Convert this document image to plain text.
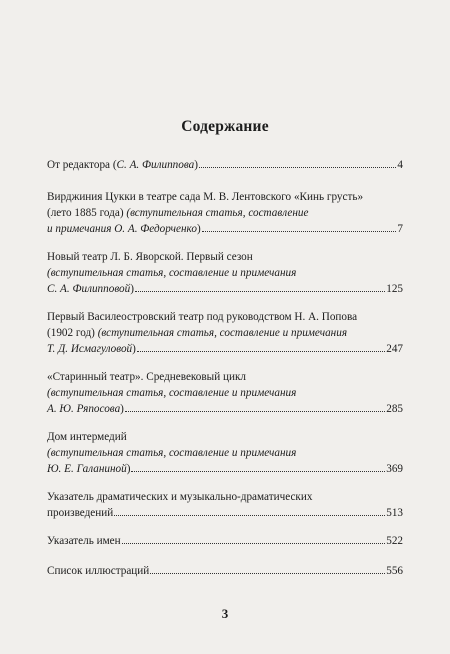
Содержание
От редактора (С. А. Филиппова)	4
Вирджиния Цукки в театре сада М. В. Лентовского «Кинь грусть»
(лето 1885 года) (вступительная статья, составление
и примечания О. А. Федорченко)	7
Новый театр Л. Б. Яворской. Первый сезон
(вступительная статья, составление и примечания
С. А. Филипповой)	125
Первый Василеостровский театр под руководством Н. А. Попова
(1902 год) (вступительная статья, составление и примечания
Т. Д. Исмагуловой)	247
«Старинный театр». Средневековый цикл
(вступительная статья, составление и примечания
А. Ю. Ряпосова)	285
Дом интермедий
(вступительная статья, составление и примечания
Ю. Е. Галаниной)	369
Указатель драматических и музыкально-драматических
произведений	513
Указатель имен	522
Список иллюстраций	556
3
